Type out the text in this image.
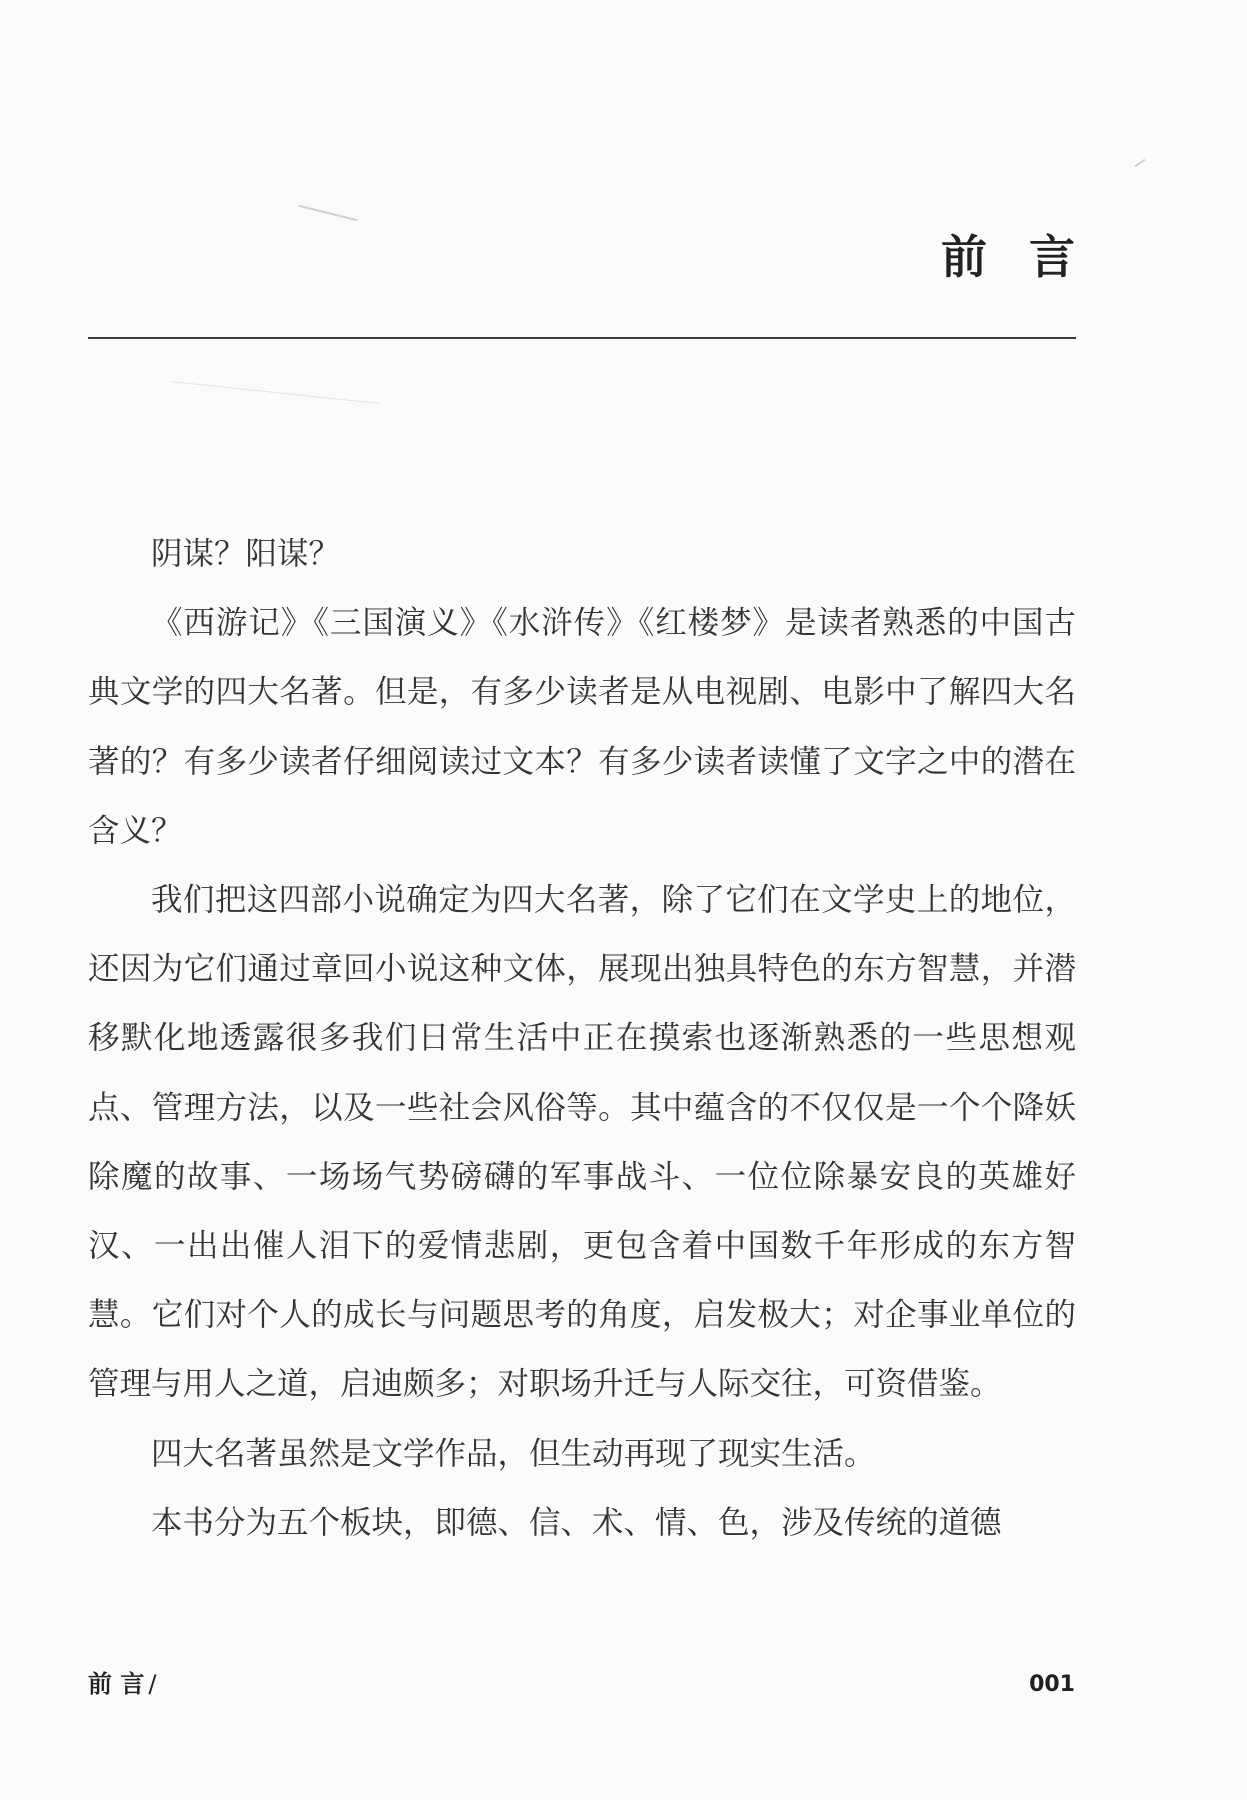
前言

阴谋？阳谋？

《西游记》《三国演义》《水浒传》《红楼梦》是读者熟悉的中国古典文学的四大名著。但是，有多少读者是从电视剧、电影中了解四大名著的？有多少读者仔细阅读过文本？有多少读者读懂了文字之中的潜在含义？

我们把这四部小说确定为四大名著，除了它们在文学史上的地位，还因为它们通过章回小说这种文体，展现出独具特色的东方智慧，并潜移默化地透露很多我们日常生活中正在摸索也逐渐熟悉的一些思想观点、管理方法，以及一些社会风俗等。其中蕴含的不仅仅是一个个降妖除魔的故事、一场场气势磅礴的军事战斗、一位位除暴安良的英雄好汉、一出出催人泪下的爱情悲剧，更包含着中国数千年形成的东方智慧。它们对个人的成长与问题思考的角度，启发极大；对企事业单位的管理与用人之道，启迪颇多；对职场升迁与人际交往，可资借鉴。

四大名著虽然是文学作品，但生动再现了现实生活。

本书分为五个板块，即德、信、术、情、色，涉及传统的道德

前 言 /	001
